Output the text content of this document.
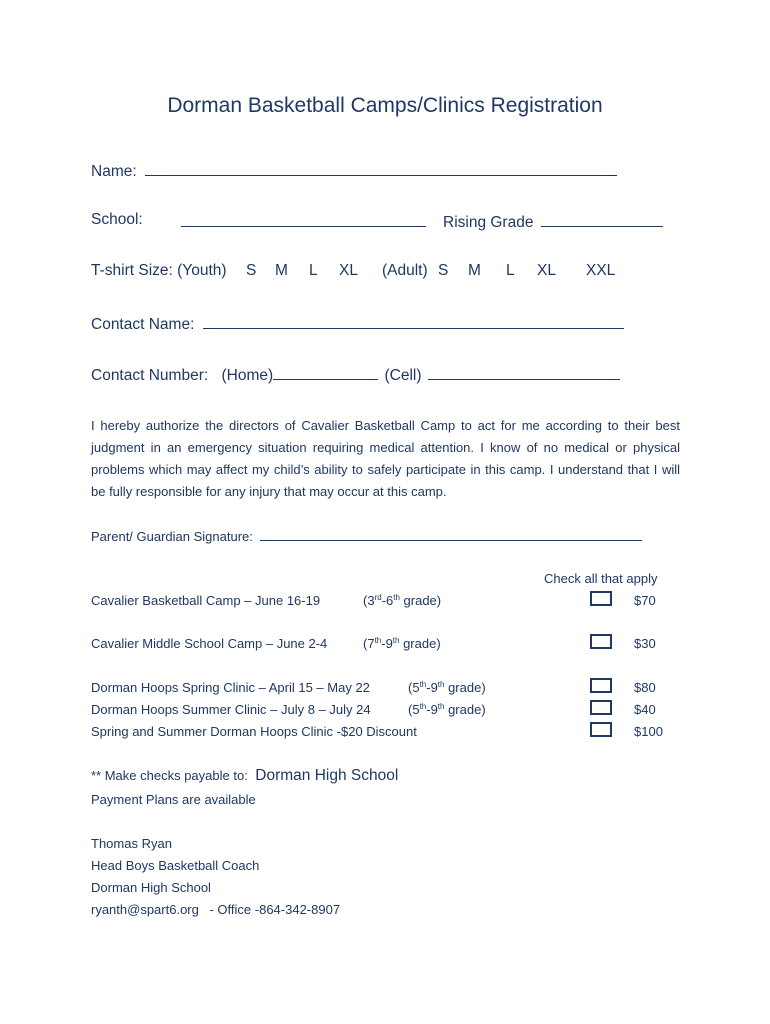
Dorman Basketball Camps/Clinics Registration
Name:
School:	Rising Grade
T-shirt Size: (Youth) S M L XL (Adult) S M L XL XXL
Contact Name:
Contact Number: (Home)	(Cell)
I hereby authorize the directors of Cavalier Basketball Camp to act for me according to their best judgment in an emergency situation requiring medical attention. I know of no medical or physical problems which may affect my child’s ability to safely participate in this camp. I understand that I will be fully responsible for any injury that may occur at this camp.
Parent/ Guardian Signature:
Check all that apply
Cavalier Basketball Camp – June 16-19	(3rd-6th grade)	$70
Cavalier Middle School Camp – June 2-4	(7th-9th grade)	$30
Dorman Hoops Spring Clinic – April 15 – May 22	(5th-9th grade)	$80
Dorman Hoops Summer Clinic – July 8 – July 24	(5th-9th grade)	$40
Spring and Summer Dorman Hoops Clinic -$20 Discount	$100
** Make checks payable to: Dorman High School
Payment Plans are available
Thomas Ryan
Head Boys Basketball Coach
Dorman High School
ryanth@spart6.org - Office -864-342-8907
